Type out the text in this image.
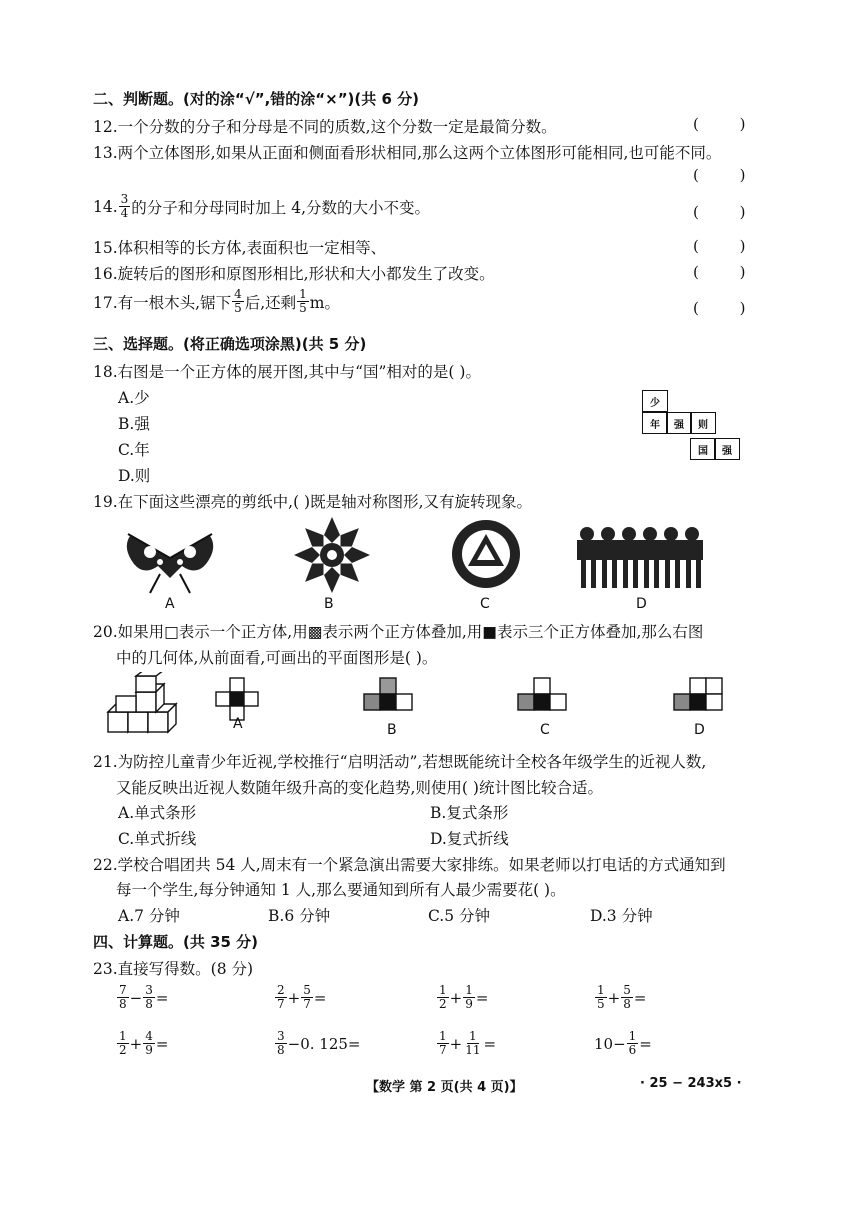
二、判断题。(对的涂“√”,错的涂“×”)(共 6 分)
12.一个分数的分子和分母是不同的质数,这个分数一定是最简分数。	( )
13.两个立体图形,如果从正面和侧面看形状相同,那么这两个立体图形可能相同,也可能不同。
( )
14. $\frac{3}{4}$ 的分子和分母同时加上 4,分数的大小不变。	( )
15.体积相等的长方体,表面积也一定相等、	( )
16.旋转后的图形和原图形相比,形状和大小都发生了改变。	( )
17.有一根木头,锯下 $\frac{4}{5}$ 后,还剩 $\frac{1}{5}$ m。	( )
三、选择题。(将正确选项涂黑)(共 5 分)
18.右图是一个正方体的展开图,其中与“国”相对的是( )。
A.少
B.强
C.年
D.则
少
年	强	则
国	强
19.在下面这些漂亮的剪纸中,( )既是轴对称图形,又有旋转现象。
A	B	C	D
20.如果用□表示一个正方体,用▩表示两个正方体叠加,用■表示三个正方体叠加,那么右图
中的几何体,从前面看,可画出的平面图形是( )。
A	B	C	D
21.为防控儿童青少年近视,学校推行“启明活动”,若想既能统计全校各年级学生的近视人数,
又能反映出近视人数随年级升高的变化趋势,则使用( )统计图比较合适。
A.单式条形	B.复式条形
C.单式折线	D.复式折线
22.学校合唱团共 54 人,周末有一个紧急演出需要大家排练。如果老师以打电话的方式通知到
每一个学生,每分钟通知 1 人,那么要通知到所有人最少需要花( )。
A.7 分钟	B.6 分钟	C.5 分钟	D.3 分钟
四、计算题。(共 35 分)
23.直接写得数。(8 分)
$\frac{7}{8} - \frac{3}{8}$ =	$\frac{2}{7} + \frac{5}{7}$ =	$\frac{1}{2} + \frac{1}{9}$ =	$\frac{1}{5} + \frac{5}{8}$ =
$\frac{1}{2} + \frac{4}{9}$ =	$\frac{3}{8} -0$. 125=	$\frac{1}{7} + \frac{1}{11}$ =	$10- \frac{1}{6}$ =
【数学 第 2 页(共 4 页)】	· 25 − 243x5 ·
